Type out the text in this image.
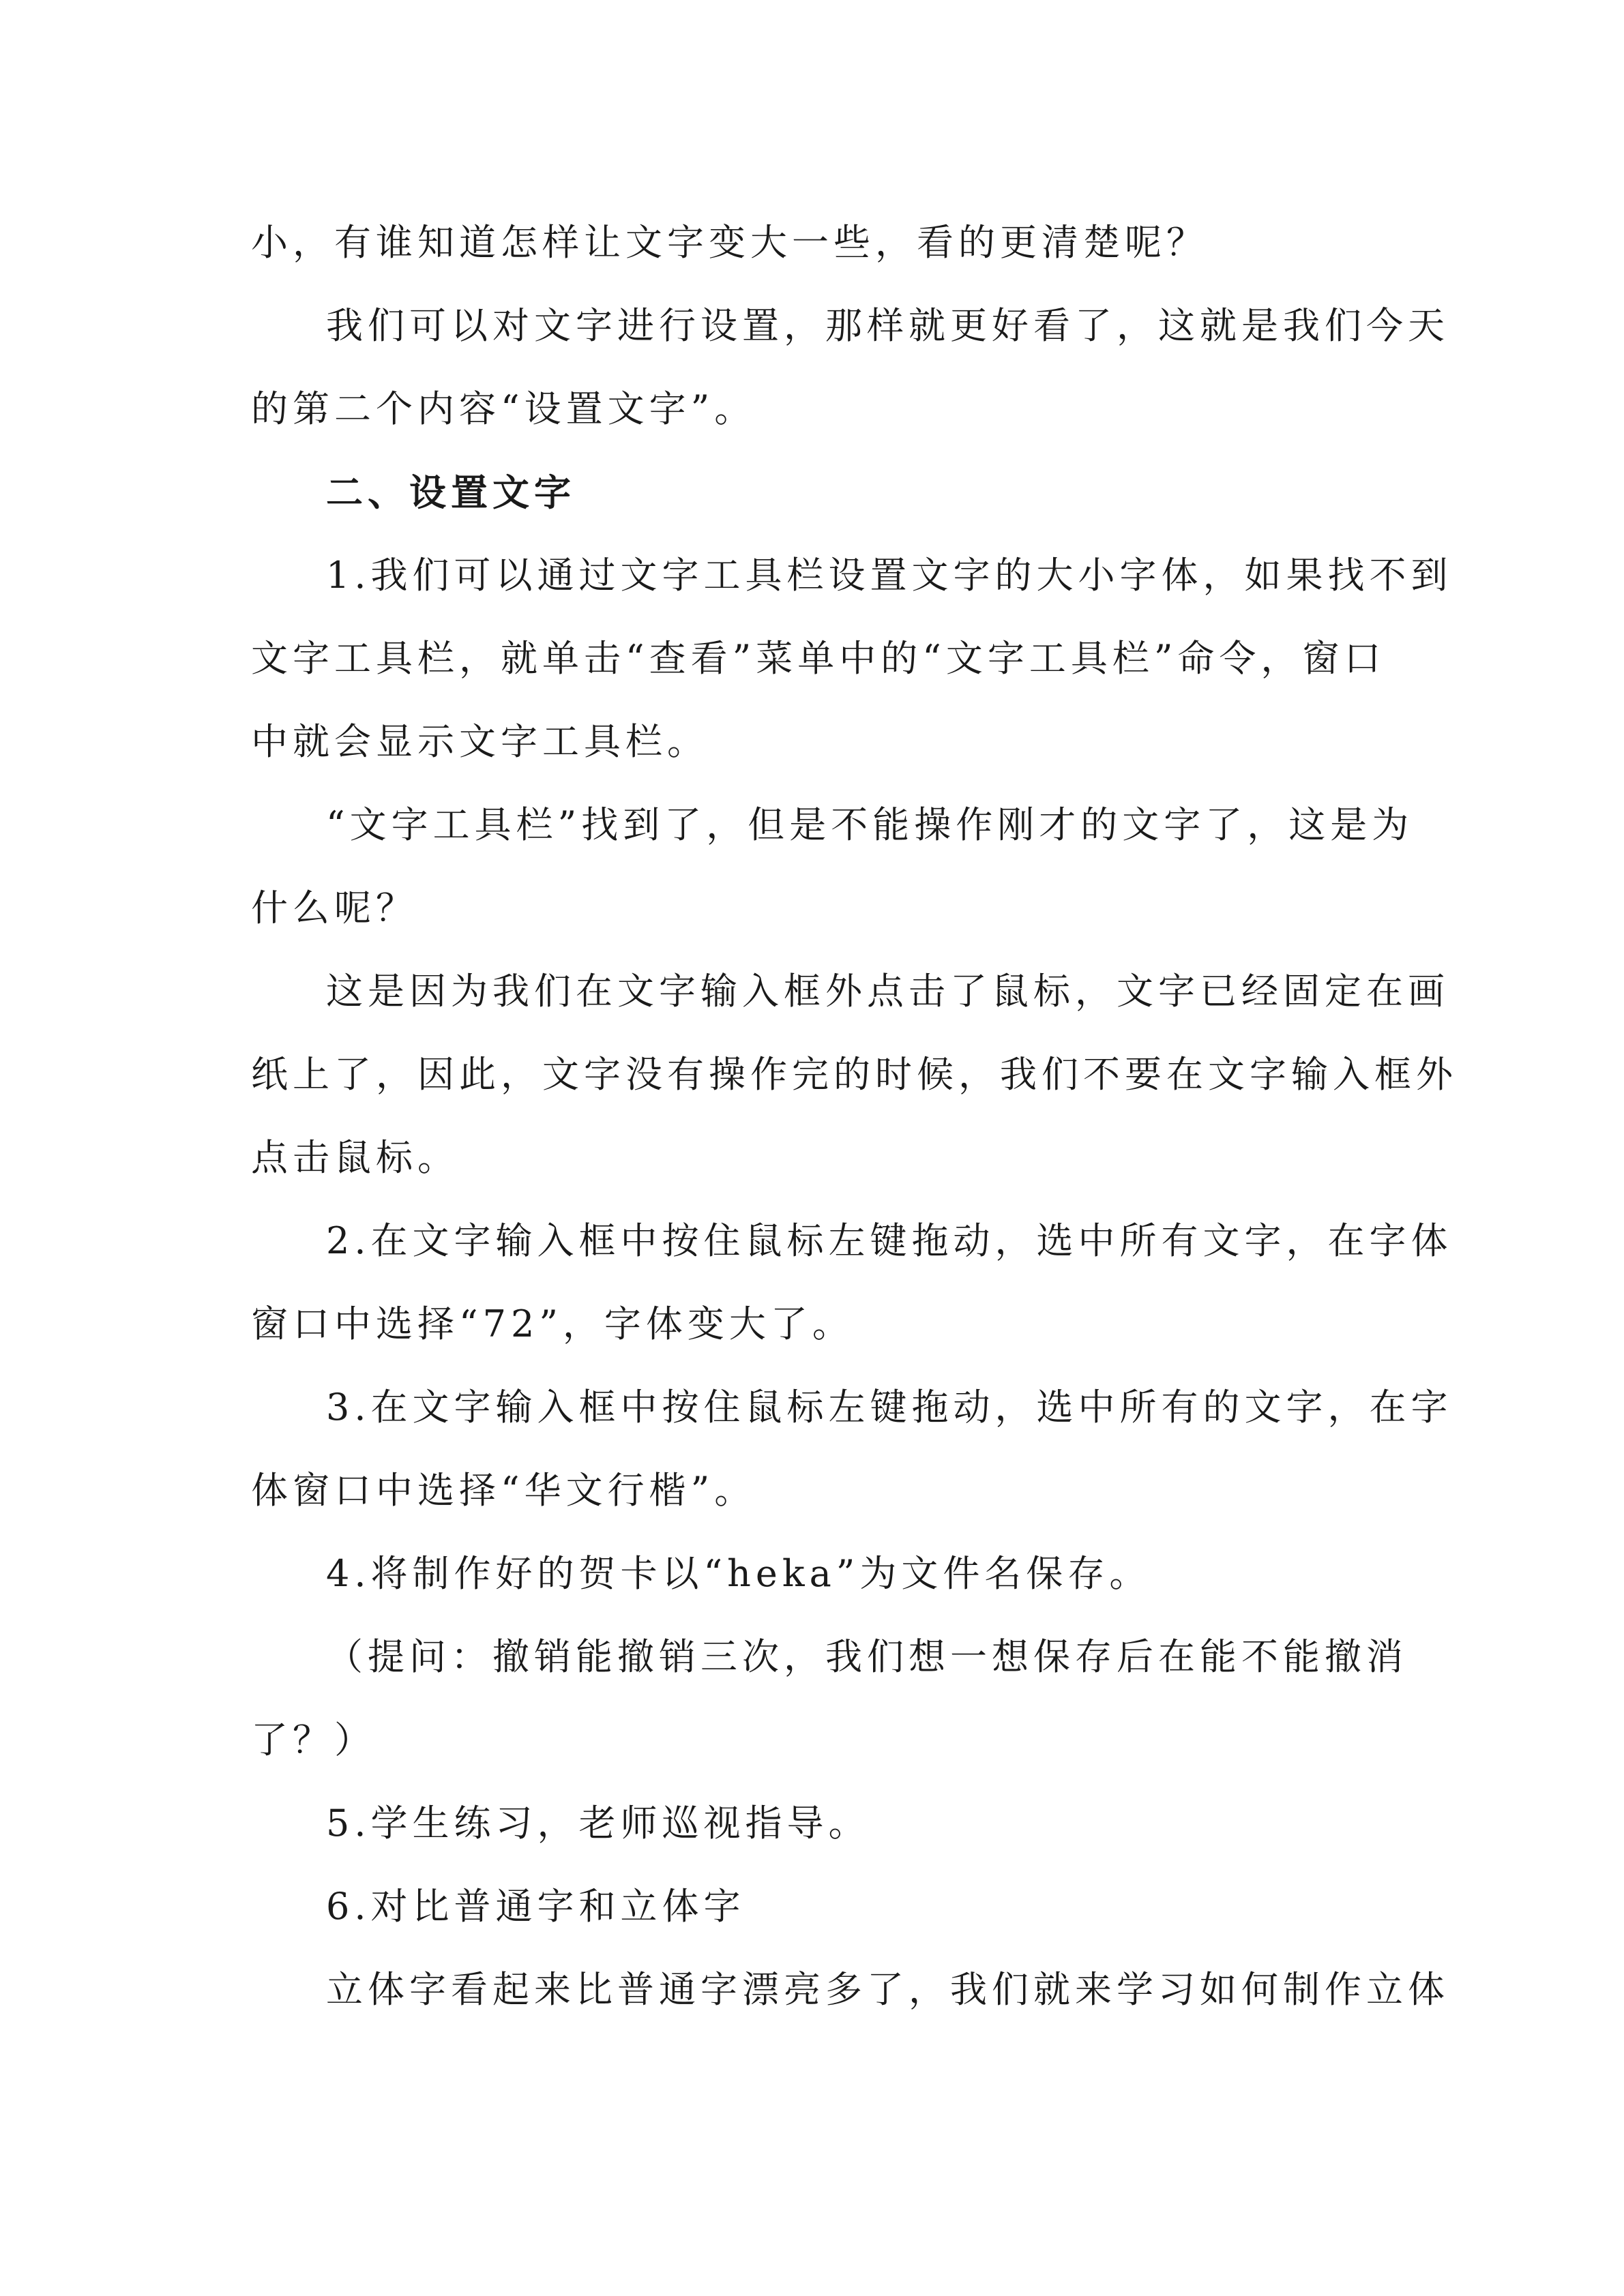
小，有谁知道怎样让文字变大一些，看的更清楚呢？

我们可以对文字进行设置，那样就更好看了，这就是我们今天

的第二个内容“设置文字”。

二、设置文字

1.我们可以通过文字工具栏设置文字的大小字体，如果找不到

文字工具栏，就单击“查看”菜单中的“文字工具栏”命令，窗口

中就会显示文字工具栏。

“文字工具栏”找到了，但是不能操作刚才的文字了，这是为

什么呢？

这是因为我们在文字输入框外点击了鼠标，文字已经固定在画

纸上了，因此，文字没有操作完的时候，我们不要在文字输入框外

点击鼠标。

2.在文字输入框中按住鼠标左键拖动，选中所有文字，在字体

窗口中选择“72”，字体变大了。

3.在文字输入框中按住鼠标左键拖动，选中所有的文字，在字

体窗口中选择“华文行楷”。

4.将制作好的贺卡以“heka”为文件名保存。

（提问：撤销能撤销三次，我们想一想保存后在能不能撤消

了？）

5.学生练习，老师巡视指导。

6.对比普通字和立体字

立体字看起来比普通字漂亮多了，我们就来学习如何制作立体
